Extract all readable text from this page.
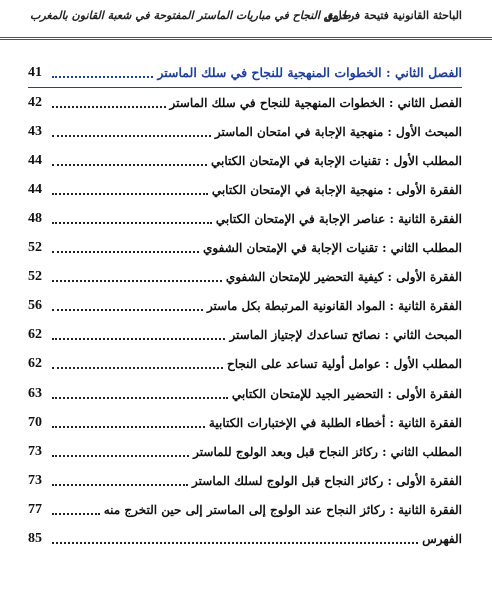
الباحثة القانونية فتيحة فرحاوي
طريق النجاح في مباريات الماستر المفتوحة في شعبة القانون بالمغرب
الفصل الثاني : الخطوات المنهجية للنجاح في سلك الماستر
41
الفصل الثاني : الخطوات المنهجية للنجاح في سلك الماستر
42
المبحث الأول : منهجية الإجابة في امتحان الماستر
43
المطلب الأول : تقنيات الإجابة في الإمتحان الكتابي
44
الفقرة الأولى : منهجية الإجابة في الإمتحان الكتابي
44
الفقرة الثانية : عناصر الإجابة في الإمتحان الكتابي
48
المطلب الثاني : تقنيات الإجابة في الإمتحان الشفوي
52
الفقرة الأولى : كيفية التحضير للإمتحان الشفوي
52
الفقرة الثانية : المواد القانونية المرتبطة بكل ماستر
56
المبحث الثاني : نصائح تساعدك لإجتياز الماستر
62
المطلب الأول : عوامل أولية تساعد على النجاح
62
الفقرة الأولى : التحضير الجيد للإمتحان الكتابي
63
الفقرة الثانية : أخطاء الطلبة في الإختبارات الكتابية
70
المطلب الثاني : ركائز النجاح قبل وبعد الولوج للماستر
73
الفقرة الأولى : ركائز النجاح قبل الولوج لسلك الماستر
73
الفقرة الثانية : ركائز النجاح عند الولوج إلى الماستر إلى حين التخرج منه
77
الفهرس
85
